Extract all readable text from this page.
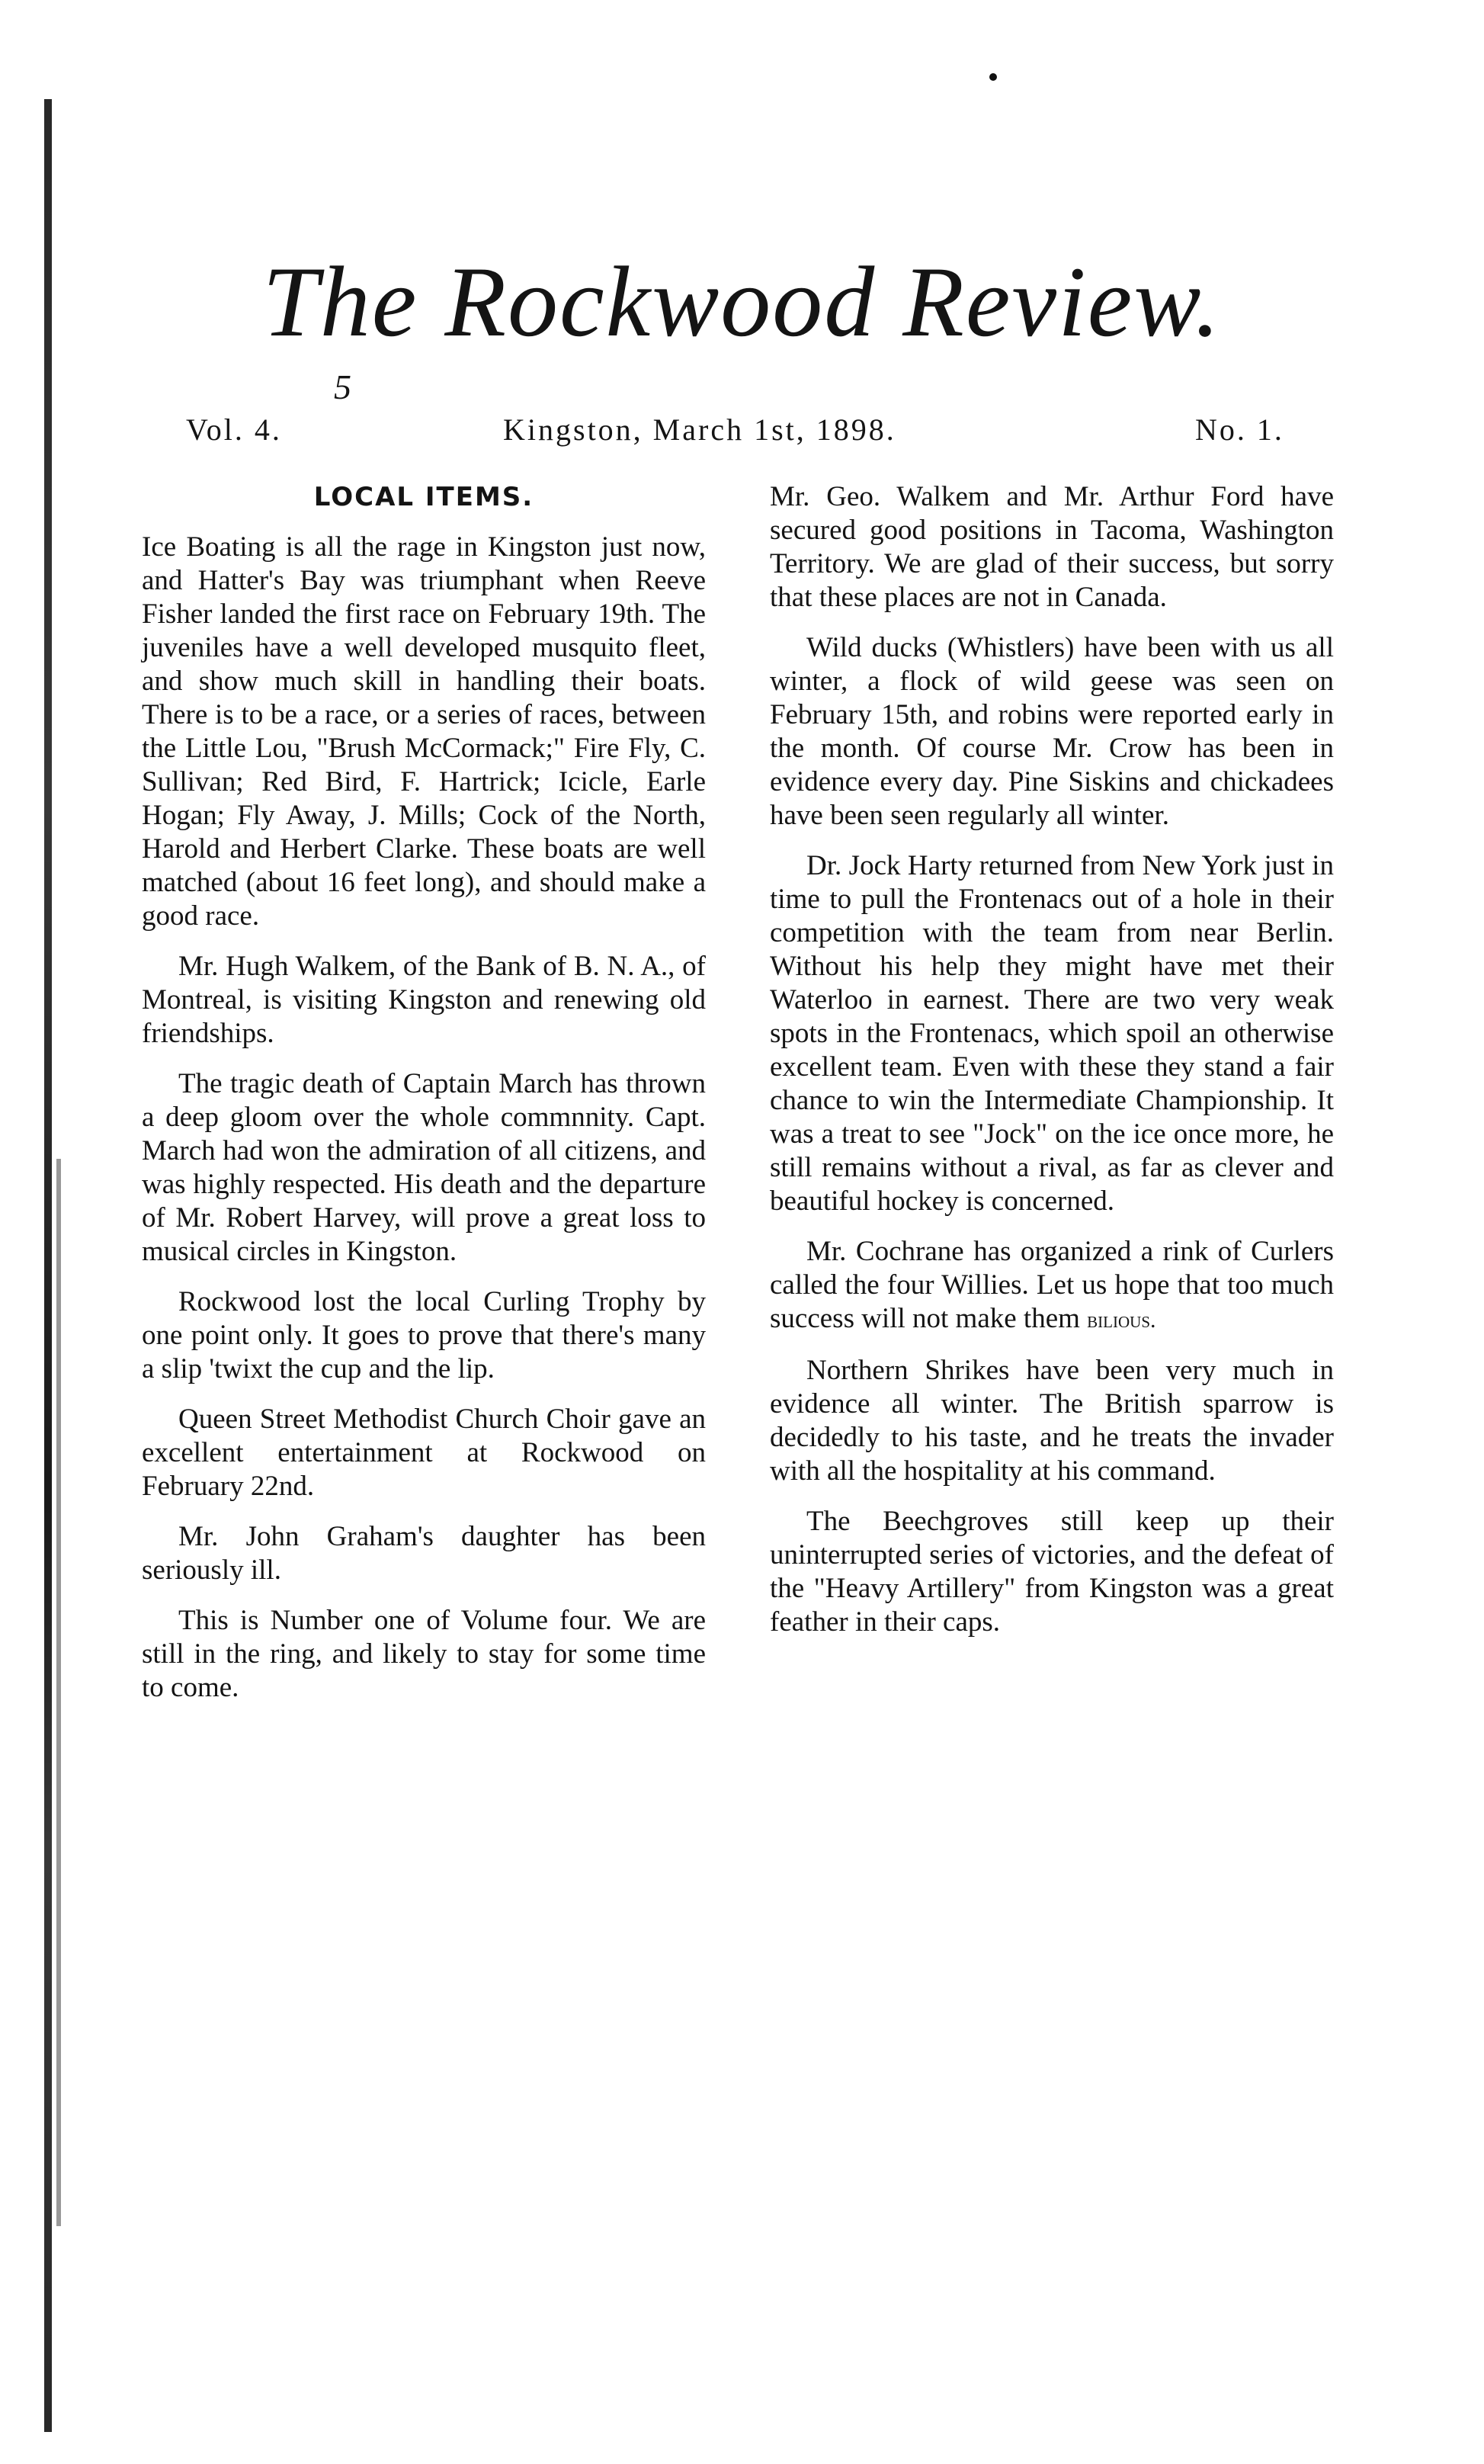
The Rockwood Review.
5
Vol. 4.	Kingston, March 1st, 1898.	No. 1.
LOCAL ITEMS.

Ice Boating is all the rage in Kingston just now, and Hatter's Bay was triumphant when Reeve Fisher landed the first race on February 19th. The juveniles have a well developed musquito fleet, and show much skill in handling their boats. There is to be a race, or a series of races, between the Little Lou, "Brush McCormack;" Fire Fly, C. Sullivan; Red Bird, F. Hartrick; Icicle, Earle Hogan; Fly Away, J. Mills; Cock of the North, Harold and Herbert Clarke. These boats are well matched (about 16 feet long), and should make a good race.

Mr. Hugh Walkem, of the Bank of B. N. A., of Montreal, is visiting Kingston and renewing old friendships.

The tragic death of Captain March has thrown a deep gloom over the whole commnnity. Capt. March had won the admiration of all citizens, and was highly respected. His death and the departure of Mr. Robert Harvey, will prove a great loss to musical circles in Kingston.

Rockwood lost the local Curling Trophy by one point only. It goes to prove that there's many a slip 'twixt the cup and the lip.

Queen Street Methodist Church Choir gave an excellent entertainment at Rockwood on February 22nd.

Mr. John Graham's daughter has been seriously ill.

This is Number one of Volume four. We are still in the ring, and likely to stay for some time to come.

Mr. Geo. Walkem and Mr. Arthur Ford have secured good positions in Tacoma, Washington Territory. We are glad of their success, but sorry that these places are not in Canada.

Wild ducks (Whistlers) have been with us all winter, a flock of wild geese was seen on February 15th, and robins were reported early in the month. Of course Mr. Crow has been in evidence every day. Pine Siskins and chickadees have been seen regularly all winter.

Dr. Jock Harty returned from New York just in time to pull the Frontenacs out of a hole in their competition with the team from near Berlin. Without his help they might have met their Waterloo in earnest. There are two very weak spots in the Frontenacs, which spoil an otherwise excellent team. Even with these they stand a fair chance to win the Intermediate Championship. It was a treat to see "Jock" on the ice once more, he still remains without a rival, as far as clever and beautiful hockey is concerned.

Mr. Cochrane has organized a rink of Curlers called the four Willies. Let us hope that too much success will not make them bilious.

Northern Shrikes have been very much in evidence all winter. The British sparrow is decidedly to his taste, and he treats the invader with all the hospitality at his command.

The Beechgroves still keep up their uninterrupted series of victories, and the defeat of the "Heavy Artillery" from Kingston was a great feather in their caps.
